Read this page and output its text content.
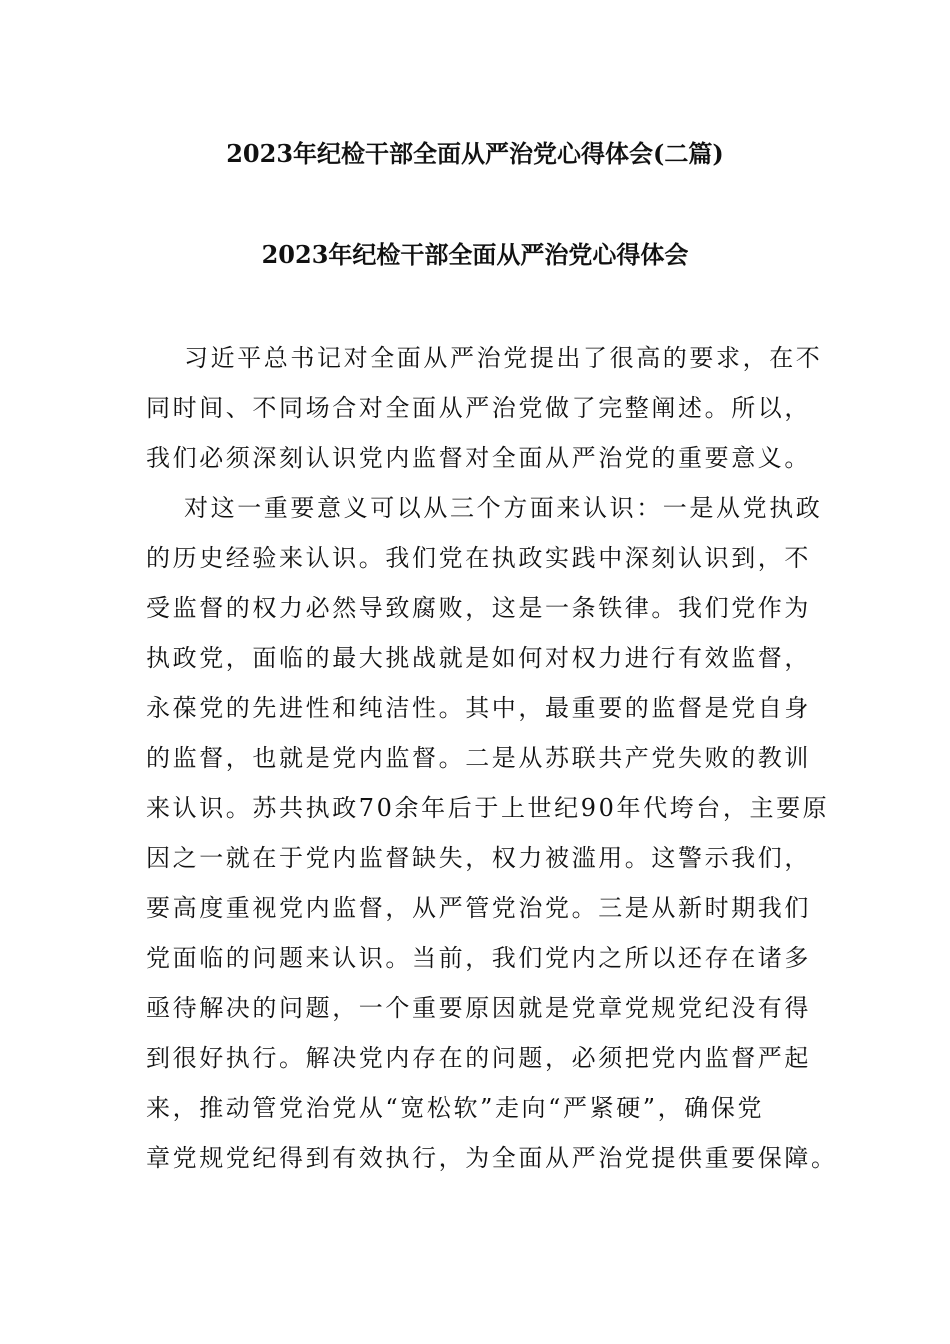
2023年纪检干部全面从严治党心得体会(二篇)
2023年纪检干部全面从严治党心得体会
习近平总书记对全面从严治党提出了很高的要求，在不
同时间、不同场合对全面从严治党做了完整阐述。所以，
我们必须深刻认识党内监督对全面从严治党的重要意义。
对这一重要意义可以从三个方面来认识：一是从党执政
的历史经验来认识。我们党在执政实践中深刻认识到，不
受监督的权力必然导致腐败，这是一条铁律。我们党作为
执政党，面临的最大挑战就是如何对权力进行有效监督，
永葆党的先进性和纯洁性。其中，最重要的监督是党自身
的监督，也就是党内监督。二是从苏联共产党失败的教训
来认识。苏共执政70余年后于上世纪90年代垮台，主要原
因之一就在于党内监督缺失，权力被滥用。这警示我们，
要高度重视党内监督，从严管党治党。三是从新时期我们
党面临的问题来认识。当前，我们党内之所以还存在诸多
亟待解决的问题，一个重要原因就是党章党规党纪没有得
到很好执行。解决党内存在的问题，必须把党内监督严起
来，推动管党治党从“宽松软”走向“严紧硬”，确保党
章党规党纪得到有效执行，为全面从严治党提供重要保障。
